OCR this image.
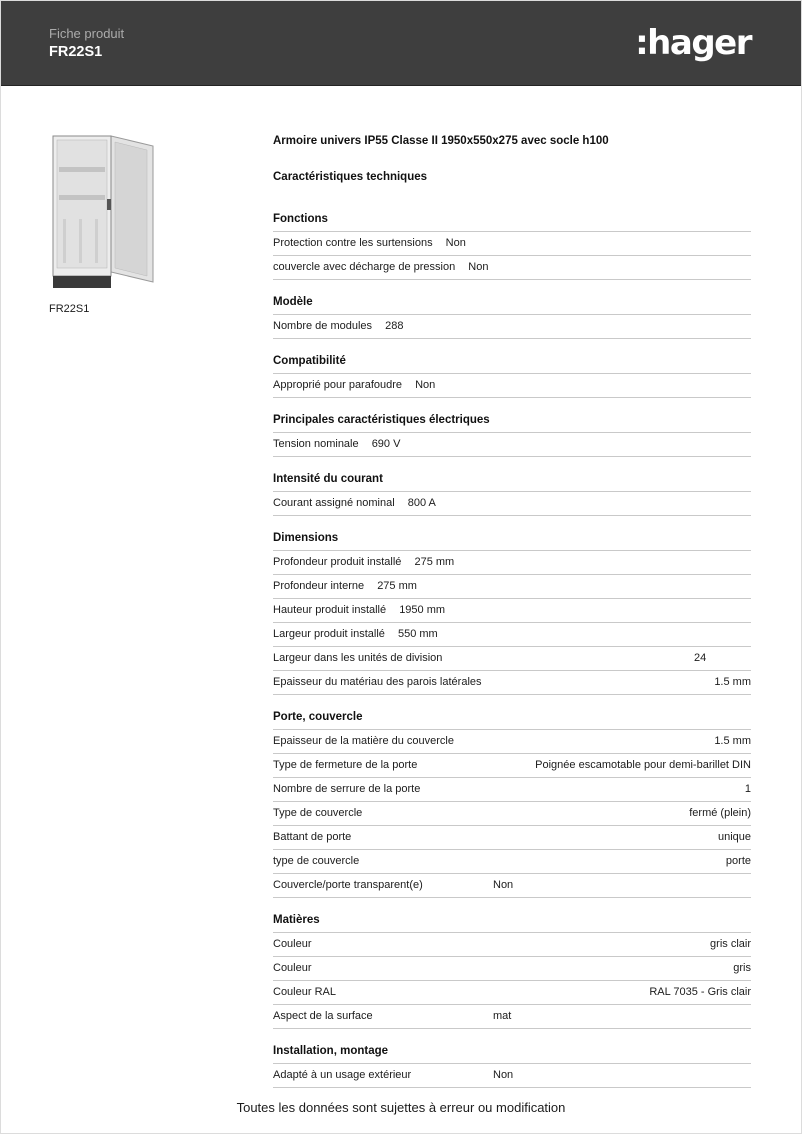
Fiche produit
FR22S1	:hager
FR22S1
Armoire univers IP55 Classe II 1950x550x275 avec socle h100
Caractéristiques techniques
Fonctions
Protection contre les surtensions Non
couvercle avec décharge de pression Non
Modèle
Nombre de modules 288
Compatibilité
Approprié pour parafoudre Non
Principales caractéristiques électriques
Tension nominale 690 V
Intensité du courant
Courant assigné nominal 800 A
Dimensions
Profondeur produit installé 275 mm
Profondeur interne 275 mm
Hauteur produit installé 1950 mm
Largeur produit installé 550 mm
Largeur dans les unités de division	24
Epaisseur du matériau des parois latérales	1.5 mm
Porte, couvercle
Epaisseur de la matière du couvercle	1.5 mm
Type de fermeture de la porte	Poignée escamotable pour demi-barillet DIN
Nombre de serrure de la porte	1
Type de couvercle	fermé (plein)
Battant de porte	unique
type de couvercle	porte
Couvercle/porte transparent(e)	Non
Matières
Couleur	gris clair
Couleur	gris
Couleur RAL	RAL 7035 - Gris clair
Aspect de la surface	mat
Installation, montage
Adapté à un usage extérieur	Non
Toutes les données sont sujettes à erreur ou modification
